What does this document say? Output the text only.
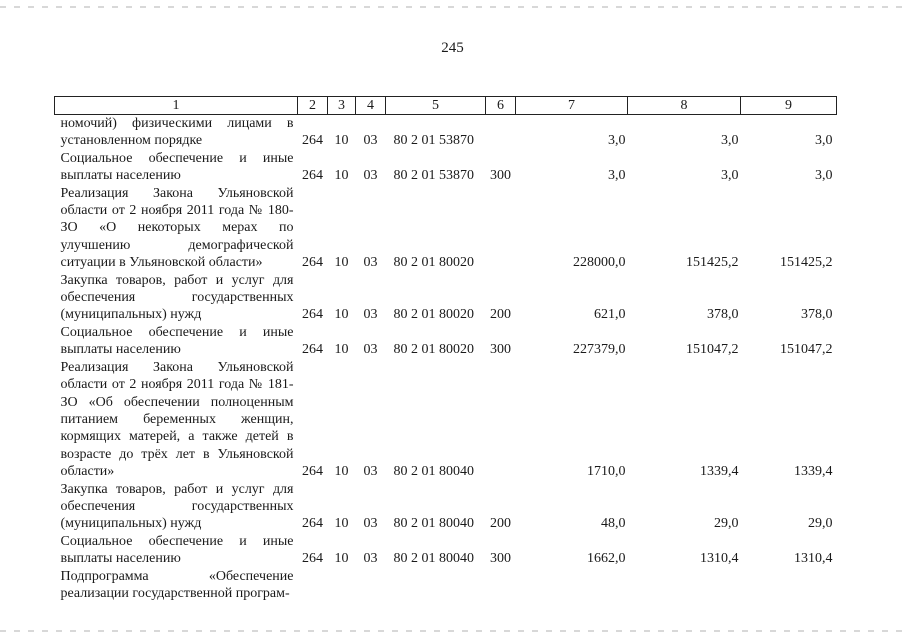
245
1	2	3	4	5	6	7	8	9
номочий) физическими лицами в установленном порядке	264	10	03	80 2 01 53870		3,0	3,0	3,0
Социальное обеспечение и иные выплаты населению	264	10	03	80 2 01 53870	300	3,0	3,0	3,0
Реализация Закона Ульяновской области от 2 ноября 2011 года № 180-ЗО «О некоторых мерах по улучшению демографической ситуации в Ульяновской области»	264	10	03	80 2 01 80020		228000,0	151425,2	151425,2
Закупка товаров, работ и услуг для обеспечения государственных (муниципальных) нужд	264	10	03	80 2 01 80020	200	621,0	378,0	378,0
Социальное обеспечение и иные выплаты населению	264	10	03	80 2 01 80020	300	227379,0	151047,2	151047,2
Реализация Закона Ульяновской области от 2 ноября 2011 года № 181-ЗО «Об обеспечении полноценным питанием беременных женщин, кормящих матерей, а также детей в возрасте до трёх лет в Ульяновской области»	264	10	03	80 2 01 80040		1710,0	1339,4	1339,4
Закупка товаров, работ и услуг для обеспечения государственных (муниципальных) нужд	264	10	03	80 2 01 80040	200	48,0	29,0	29,0
Социальное обеспечение и иные выплаты населению	264	10	03	80 2 01 80040	300	1662,0	1310,4	1310,4
Подпрограмма «Обеспечение реализации государственной програм-								
